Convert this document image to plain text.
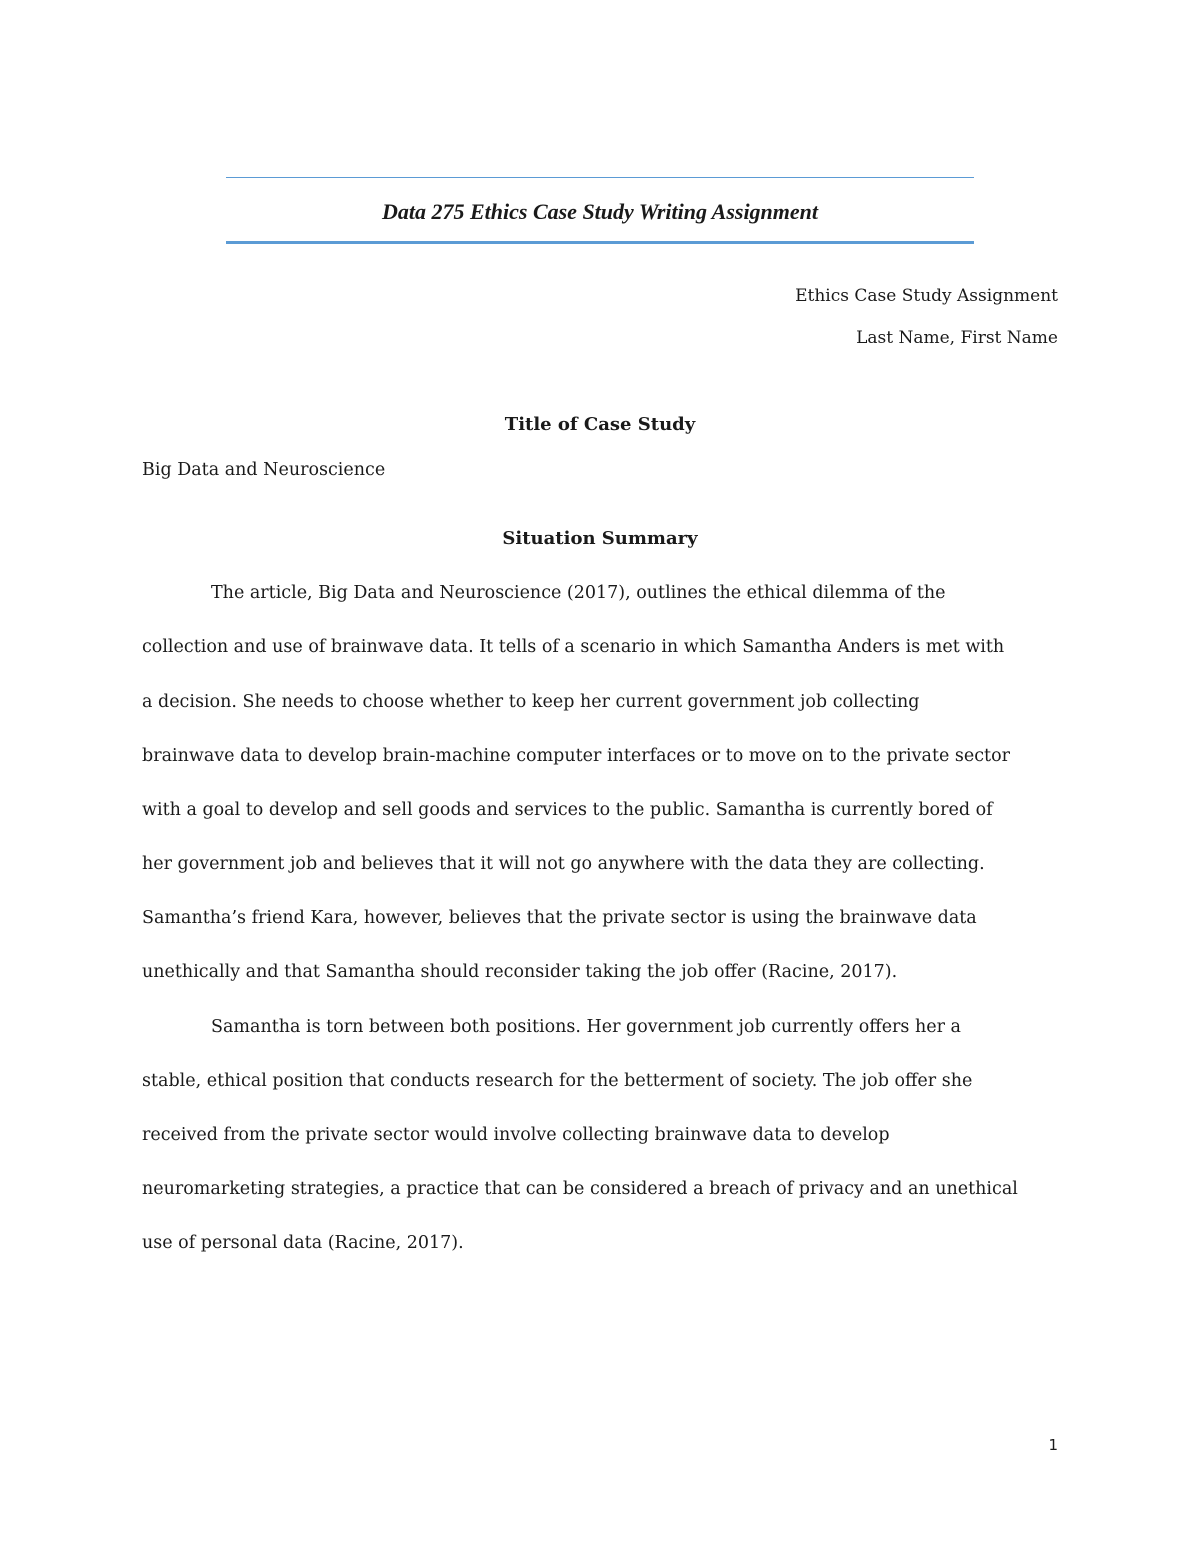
Data 275 Ethics Case Study Writing Assignment
Ethics Case Study Assignment
Last Name, First Name
Title of Case Study

Big Data and Neuroscience

Situation Summary
The article, Big Data and Neuroscience (2017), outlines the ethical dilemma of the
collection and use of brainwave data. It tells of a scenario in which Samantha Anders is met with
a decision. She needs to choose whether to keep her current government job collecting
brainwave data to develop brain-machine computer interfaces or to move on to the private sector
with a goal to develop and sell goods and services to the public. Samantha is currently bored of
her government job and believes that it will not go anywhere with the data they are collecting.
Samantha’s friend Kara, however, believes that the private sector is using the brainwave data
unethically and that Samantha should reconsider taking the job offer (Racine, 2017).
Samantha is torn between both positions. Her government job currently offers her a
stable, ethical position that conducts research for the betterment of society. The job offer she
received from the private sector would involve collecting brainwave data to develop
neuromarketing strategies, a practice that can be considered a breach of privacy and an unethical
use of personal data (Racine, 2017).
1
